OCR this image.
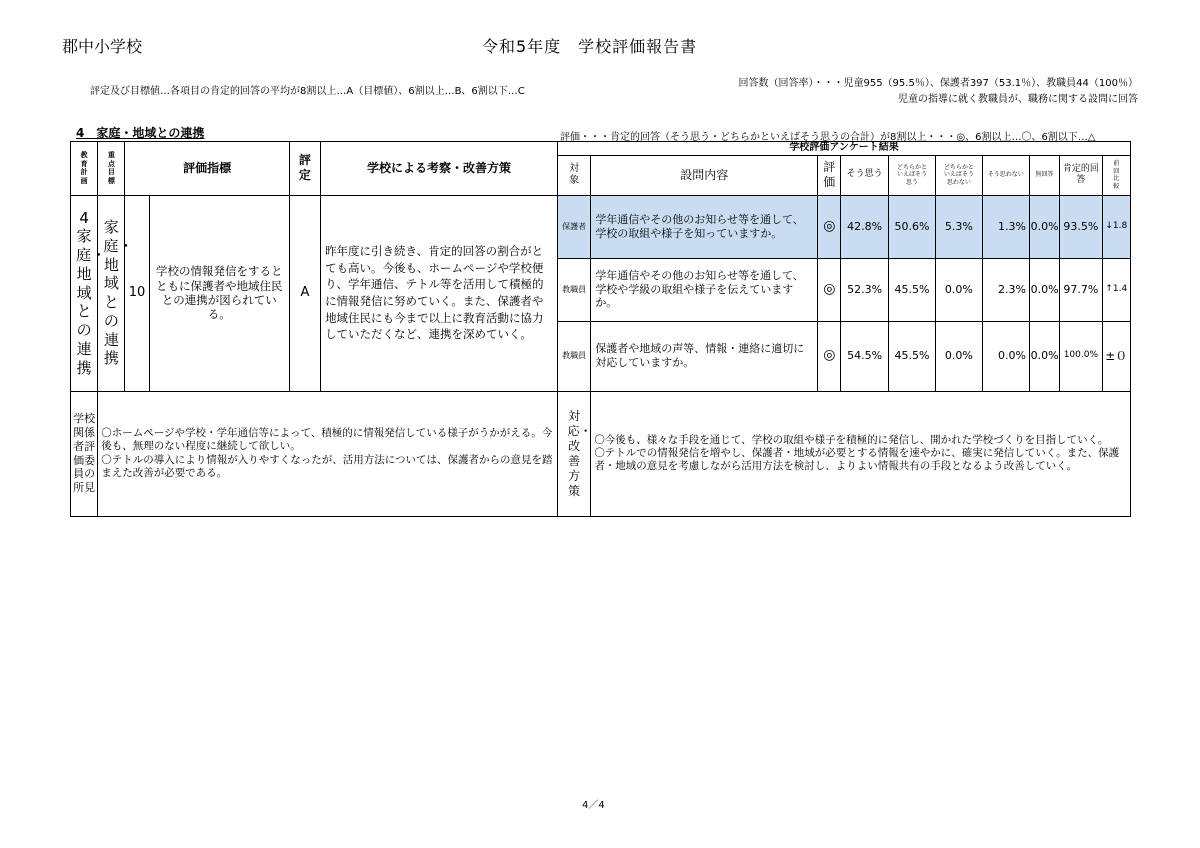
郡中小学校	令和5年度　学校評価報告書
評定及び目標値…各項目の肯定的回答の平均が8割以上…A（目標値）、6割以上…B、6割以下…C
回答数（回答率）・・・児童955（95.5％）、保護者397（53.1％）、教職員44（100％）
児童の指導に就く教職員が、職務に関する設問に回答
4　家庭・地域との連携	評価・・・肯定的回答（そう思う・どちらかといえばそう思うの合計）が8割以上・・・◎、6割以上…〇、6割以下…△
教育計画	重点目標	評価指標		評定	学校による考察・改善方策	学校評価アンケート結果									

						対象	設問内容	評価	そう思う	どちらかといえばそう思う	どちらかといえばそう思わない	そう思わない	無回答	肯定的回答	前回比較

4家庭・地域との連携	家庭・地域との連携	10	学校の情報発信をするとともに保護者や地域住民との連携が図られている。	A	昨年度に引き続き、肯定的回答の割合がとても高い。今後も、ホームページや学校便り、学年通信、テトル等を活用して積極的に情報発信に努めていく。また、保護者や地域住民にも今まで以上に教育活動に協力していただくなど、連携を深めていく。	保護者	学年通信やその他のお知らせ等を通して、学校の取組や様子を知っていますか。	◎	42.8%	50.6%	5.3%	1.3%	0.0%	93.5%	↓1.8
						教職員	学年通信やその他のお知らせ等を通して、学校や学級の取組や様子を伝えていますか。	◎	52.3%	45.5%	0.0%	2.3%	0.0%	97.7%	↑1.4
						教職員	保護者や地域の声等、情報・連絡に適切に対応していますか。	◎	54.5%	45.5%	0.0%	0.0%	0.0%	100.0%	±０

学校関係者評価委員の所見	〇ホームページや学校・学年通信等によって、積極的に情報発信している様子がうかがえる。今後も、無理のない程度に継続して欲しい。
〇テトルの導入により情報が入りやすくなったが、活用方法については、保護者からの意見を踏まえた改善が必要である。					対応・改善方策	〇今後も、様々な手段を通じて、学校の取組や様子を積極的に発信し、開かれた学校づくりを目指していく。
〇テトルでの情報発信を増やし、保護者・地域が必要とする情報を速やかに、確実に発信していく。また、保護者・地域の意見を考慮しながら活用方法を検討し、よりよい情報共有の手段となるよう改善していく。								
4／4
